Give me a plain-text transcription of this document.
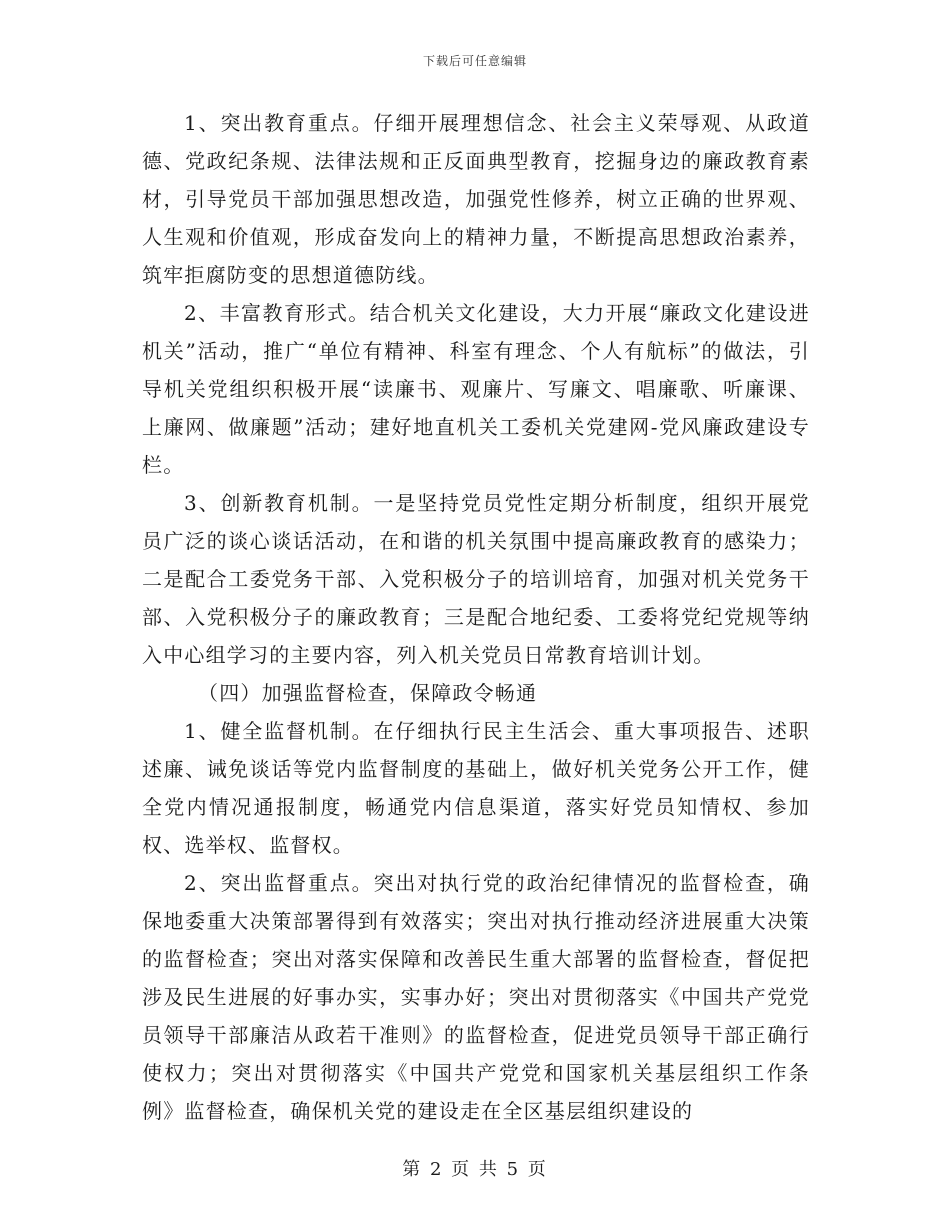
下载后可任意编辑

1、突出教育重点。仔细开展理想信念、社会主义荣辱观、从政道德、党政纪条规、法律法规和正反面典型教育，挖掘身边的廉政教育素材，引导党员干部加强思想改造，加强党性修养，树立正确的世界观、人生观和价值观，形成奋发向上的精神力量，不断提高思想政治素养，筑牢拒腐防变的思想道德防线。

2、丰富教育形式。结合机关文化建设，大力开展“廉政文化建设进机关”活动，推广“单位有精神、科室有理念、个人有航标”的做法，引导机关党组织积极开展“读廉书、观廉片、写廉文、唱廉歌、听廉课、上廉网、做廉题”活动；建好地直机关工委机关党建网-党风廉政建设专栏。

3、创新教育机制。一是坚持党员党性定期分析制度，组织开展党员广泛的谈心谈话活动，在和谐的机关氛围中提高廉政教育的感染力；二是配合工委党务干部、入党积极分子的培训培育，加强对机关党务干部、入党积极分子的廉政教育；三是配合地纪委、工委将党纪党规等纳入中心组学习的主要内容，列入机关党员日常教育培训计划。

（四）加强监督检查，保障政令畅通

1、健全监督机制。在仔细执行民主生活会、重大事项报告、述职述廉、诫免谈话等党内监督制度的基础上，做好机关党务公开工作，健全党内情况通报制度，畅通党内信息渠道，落实好党员知情权、参加权、选举权、监督权。

2、突出监督重点。突出对执行党的政治纪律情况的监督检查，确保地委重大决策部署得到有效落实；突出对执行推动经济进展重大决策的监督检查；突出对落实保障和改善民生重大部署的监督检查，督促把涉及民生进展的好事办实，实事办好；突出对贯彻落实《中国共产党党员领导干部廉洁从政若干准则》的监督检查，促进党员领导干部正确行使权力；突出对贯彻落实《中国共产党党和国家机关基层组织工作条例》监督检查，确保机关党的建设走在全区基层组织建设的

第 2 页 共 5 页
